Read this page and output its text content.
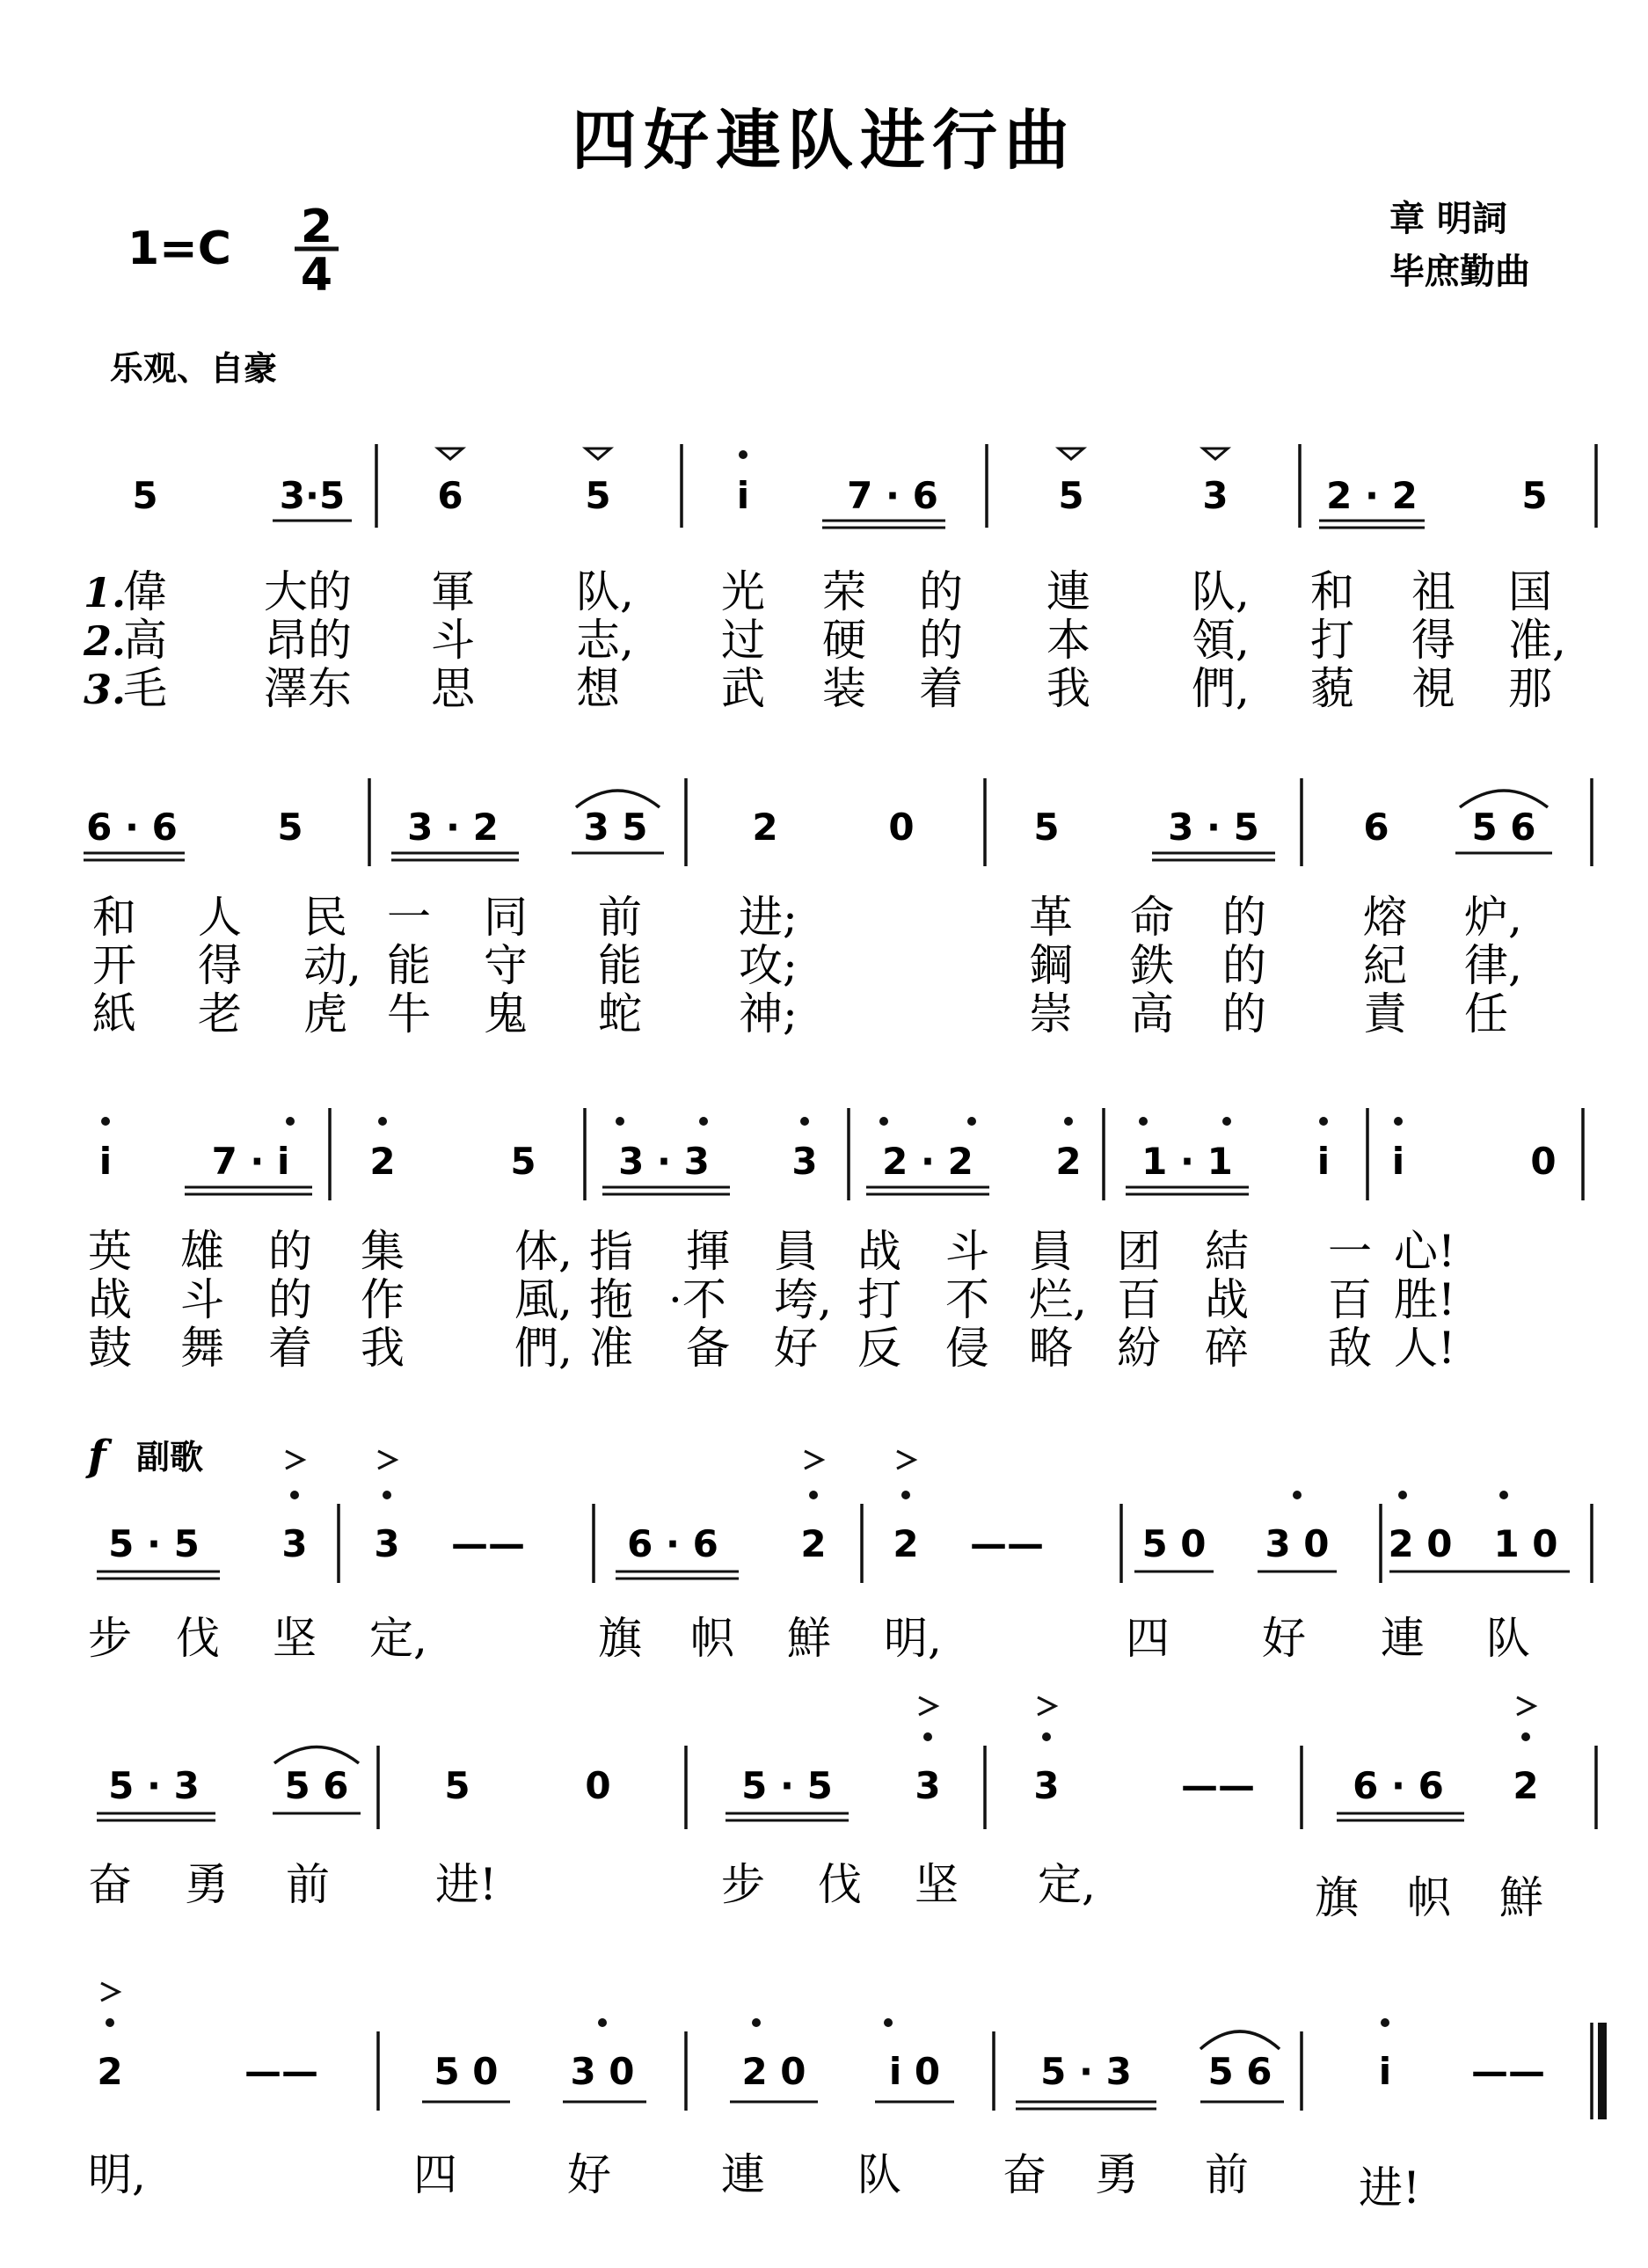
四好連队进行曲
1=C 2
4
章 明詞
毕庶勤曲
乐观、自豪
5	3·5	6	5	i	7 · 6	5	3	2 · 2	5
1.
2.
3.
偉 大的 軍 队, 光 荣 的 連 队, 和 祖 国
高 昂的 斗 志, 过 硬 的 本 領, 打 得 准,
毛 澤东 思 想 武 装 着 我 們, 藐 視 那
6 · 6	5	3 · 2 3 5	2	0	5	3 · 5	6 5 6
和 人 民 一 同 前 进;	革 命 的 熔 炉,
开 得 动, 能 守 能 攻;	鋼 鉄 的 紀 律,
紙 老 虎 牛 鬼 蛇 神;	崇 高 的 責 任
i	7 · i 2	5 3 · 3 3 2 · 2 2 1 · 1 i i	0
英 雄 的 集	体, 指 揮 員 战 斗 員 团 結 一 心!
战 斗 的 作	風, 拖 ·不 垮, 打 不 烂, 百 战 百 胜!
鼓 舞 着 我	們, 准 备 好 反 侵 略 紛 碎 敌 人!
f 副歌
5 · 5 3 3 ——	6 · 6 2 2 ——	5 0 3 0 2 0 1 0
步 伐 坚 定,	旗 帜 鮮 明,	四 好 連 队
5 · 3 5 6	5	0	5 · 5 3	3	——	6 · 6 2
奋 勇 前 进!	步 伐 坚 定,	旗 帜 鮮
2	——	5 0 3 0	2 0 i 0	5 · 3 5 6	i ——
明,	四	好	連 队 奋 勇 前	进!
